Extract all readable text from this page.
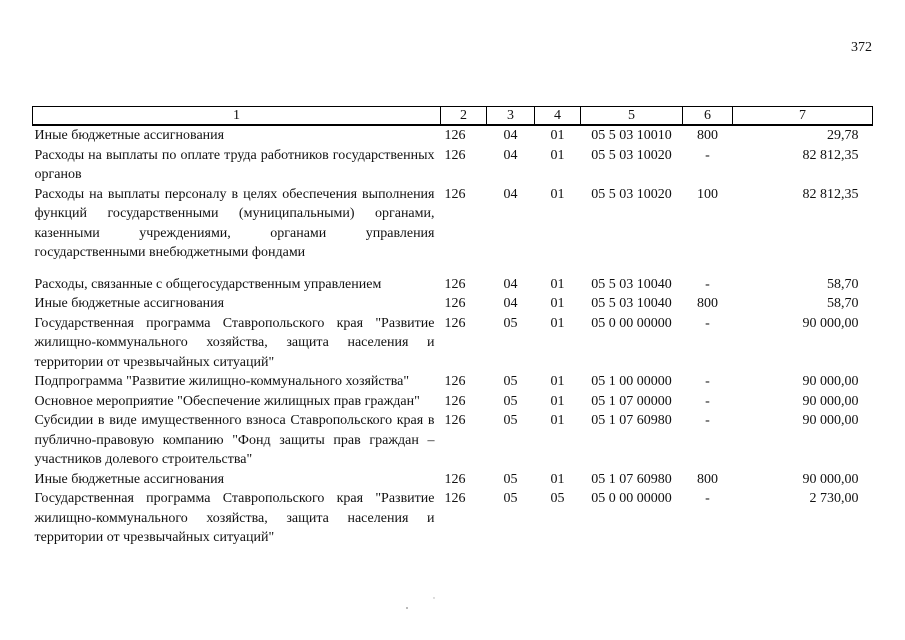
372
1	2	3	4	5	6	7
Иные бюджетные ассигнования	126	04	01	05 5 03 10010	800	29,78
Расходы на выплаты по оплате труда работников государственных органов	126	04	01	05 5 03 10020	-	82 812,35
Расходы на выплаты персоналу в целях обеспечения выполнения функций государственными (муниципальными) органами, казенными учреждениями, органами управления государственными внебюджетными фондами	126	04	01	05 5 03 10020	100	82 812,35
Расходы, связанные с общегосударственным управлением	126	04	01	05 5 03 10040	-	58,70
Иные бюджетные ассигнования	126	04	01	05 5 03 10040	800	58,70
Государственная программа Ставропольского края "Развитие жилищно-коммунального хозяйства, защита населения и территории от чрезвычайных ситуаций"	126	05	01	05 0 00 00000	-	90 000,00
Подпрограмма "Развитие жилищно-коммунального хозяйства"	126	05	01	05 1 00 00000	-	90 000,00
Основное мероприятие "Обеспечение жилищных прав граждан"	126	05	01	05 1 07 00000	-	90 000,00
Субсидии в виде имущественного взноса Ставропольского края в публично-правовую компанию "Фонд защиты прав граждан – участников долевого строительства"	126	05	01	05 1 07 60980	-	90 000,00
Иные бюджетные ассигнования	126	05	01	05 1 07 60980	800	90 000,00
Государственная программа Ставропольского края "Развитие жилищно-коммунального хозяйства, защита населения и территории от чрезвычайных ситуаций"	126	05	05	05 0 00 00000	-	2 730,00
